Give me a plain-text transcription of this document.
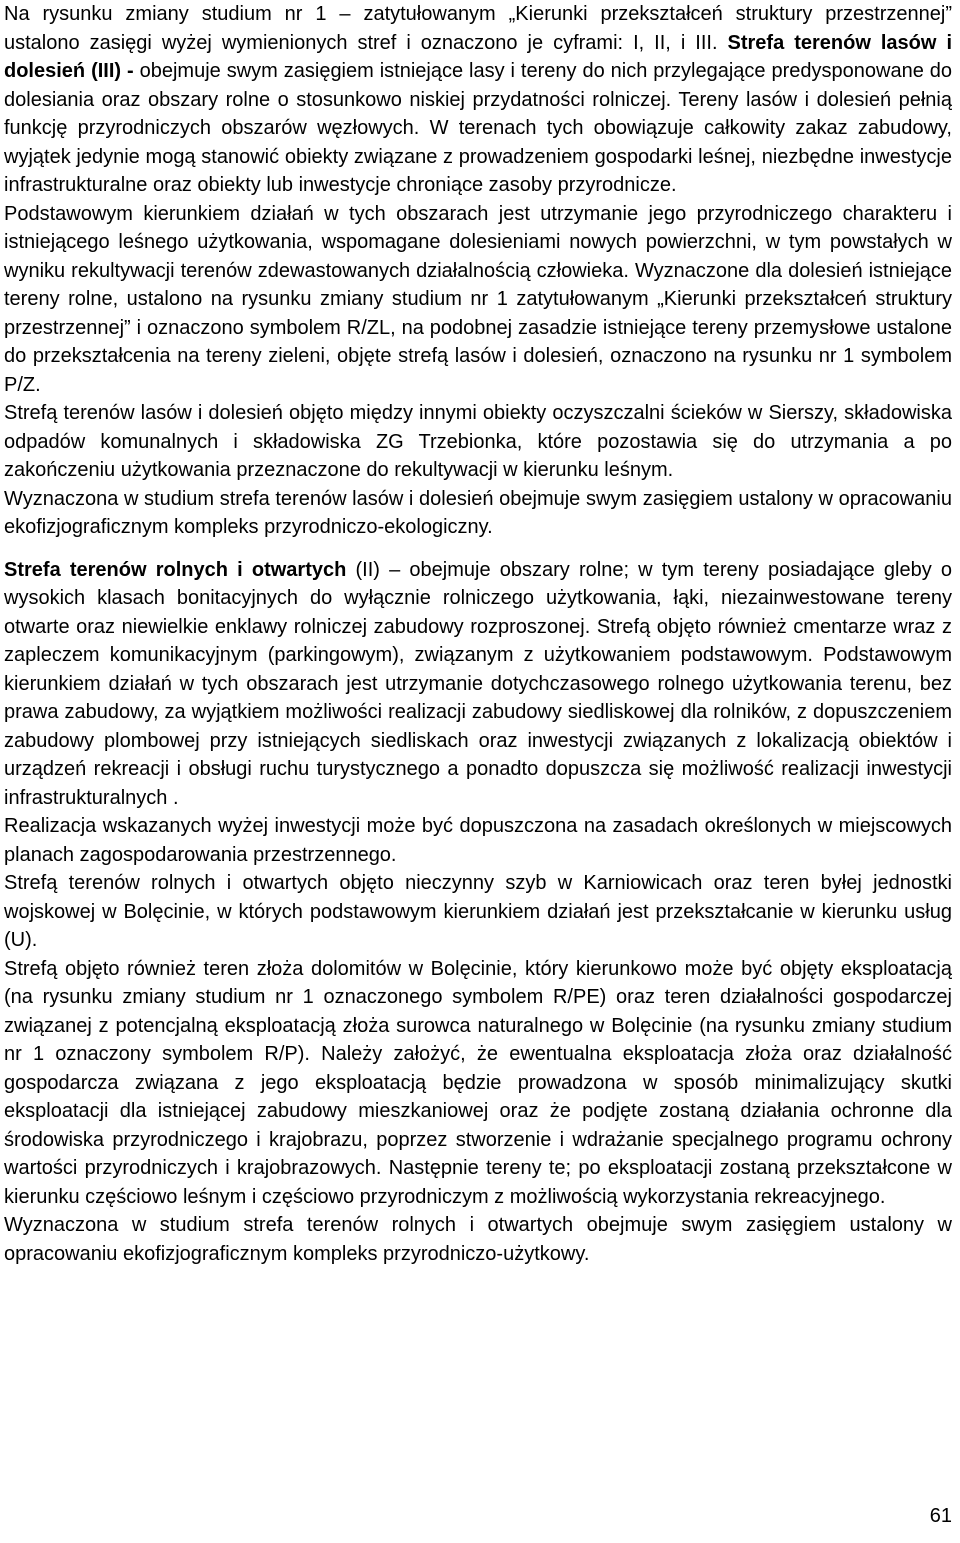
Na rysunku zmiany studium nr 1 – zatytułowanym „Kierunki przekształceń struktury przestrzennej” ustalono zasięgi wyżej wymienionych stref i oznaczono je cyframi: I, II, i III. Strefa terenów lasów i dolesień (III) - obejmuje swym zasięgiem istniejące lasy i tereny do nich przylegające predysponowane do dolesiania oraz obszary rolne o stosunkowo niskiej przydatności rolniczej. Tereny lasów i dolesień pełnią funkcję przyrodniczych obszarów węzłowych. W terenach tych obowiązuje całkowity zakaz zabudowy, wyjątek jedynie mogą stanowić obiekty związane z prowadzeniem gospodarki leśnej, niezbędne inwestycje infrastrukturalne oraz obiekty lub inwestycje chroniące zasoby przyrodnicze.

Podstawowym kierunkiem działań w tych obszarach jest utrzymanie jego przyrodniczego charakteru i istniejącego leśnego użytkowania, wspomagane dolesieniami nowych powierzchni, w tym powstałych w wyniku rekultywacji terenów zdewastowanych działalnością człowieka. Wyznaczone dla dolesień istniejące tereny rolne, ustalono na rysunku zmiany studium nr 1 zatytułowanym „Kierunki przekształceń struktury przestrzennej” i oznaczono symbolem R/ZL, na podobnej zasadzie istniejące tereny przemysłowe ustalone do przekształcenia na tereny zieleni, objęte strefą lasów i dolesień, oznaczono na rysunku nr 1 symbolem P/Z.

Strefą terenów lasów i dolesień objęto między innymi obiekty oczyszczalni ścieków w Sierszy, składowiska odpadów komunalnych i składowiska ZG Trzebionka, które pozostawia się do utrzymania a po zakończeniu użytkowania przeznaczone do rekultywacji w kierunku leśnym.

Wyznaczona w studium strefa terenów lasów i dolesień obejmuje swym zasięgiem ustalony w opracowaniu ekofizjograficznym kompleks przyrodniczo-ekologiczny.

Strefa terenów rolnych i otwartych (II) – obejmuje obszary rolne; w tym tereny posiadające gleby o wysokich klasach bonitacyjnych do wyłącznie rolniczego użytkowania, łąki, niezainwestowane tereny otwarte oraz niewielkie enklawy rolniczej zabudowy rozproszonej. Strefą objęto również cmentarze wraz z zapleczem komunikacyjnym (parkingowym), związanym z użytkowaniem podstawowym. Podstawowym kierunkiem działań w tych obszarach jest utrzymanie dotychczasowego rolnego użytkowania terenu, bez prawa zabudowy, za wyjątkiem możliwości realizacji zabudowy siedliskowej dla rolników, z dopuszczeniem zabudowy plombowej przy istniejących siedliskach oraz inwestycji związanych z lokalizacją obiektów i urządzeń rekreacji i obsługi ruchu turystycznego a ponadto dopuszcza się możliwość realizacji inwestycji infrastrukturalnych .

Realizacja wskazanych wyżej inwestycji może być dopuszczona na zasadach określonych w miejscowych planach zagospodarowania przestrzennego.

Strefą terenów rolnych i otwartych objęto nieczynny szyb w Karniowicach oraz teren byłej jednostki wojskowej w Bolęcinie, w których podstawowym kierunkiem działań jest przekształcanie w kierunku usług (U).

Strefą objęto również teren złoża dolomitów w Bolęcinie, który kierunkowo może być objęty eksploatacją (na rysunku zmiany studium nr 1 oznaczonego symbolem R/PE) oraz teren działalności gospodarczej związanej z potencjalną eksploatacją złoża surowca naturalnego w Bolęcinie (na rysunku zmiany studium nr 1 oznaczony symbolem R/P). Należy założyć, że ewentualna eksploatacja złoża oraz działalność gospodarcza związana z jego eksploatacją będzie prowadzona w sposób minimalizujący skutki eksploatacji dla istniejącej zabudowy mieszkaniowej oraz że podjęte zostaną działania ochronne dla środowiska przyrodniczego i krajobrazu, poprzez stworzenie i wdrażanie specjalnego programu ochrony wartości przyrodniczych i krajobrazowych. Następnie tereny te; po eksploatacji zostaną przekształcone w kierunku częściowo leśnym i częściowo przyrodniczym z możliwością wykorzystania rekreacyjnego.

Wyznaczona w studium strefa terenów rolnych i otwartych obejmuje swym zasięgiem ustalony w opracowaniu ekofizjograficznym kompleks przyrodniczo-użytkowy.

61
